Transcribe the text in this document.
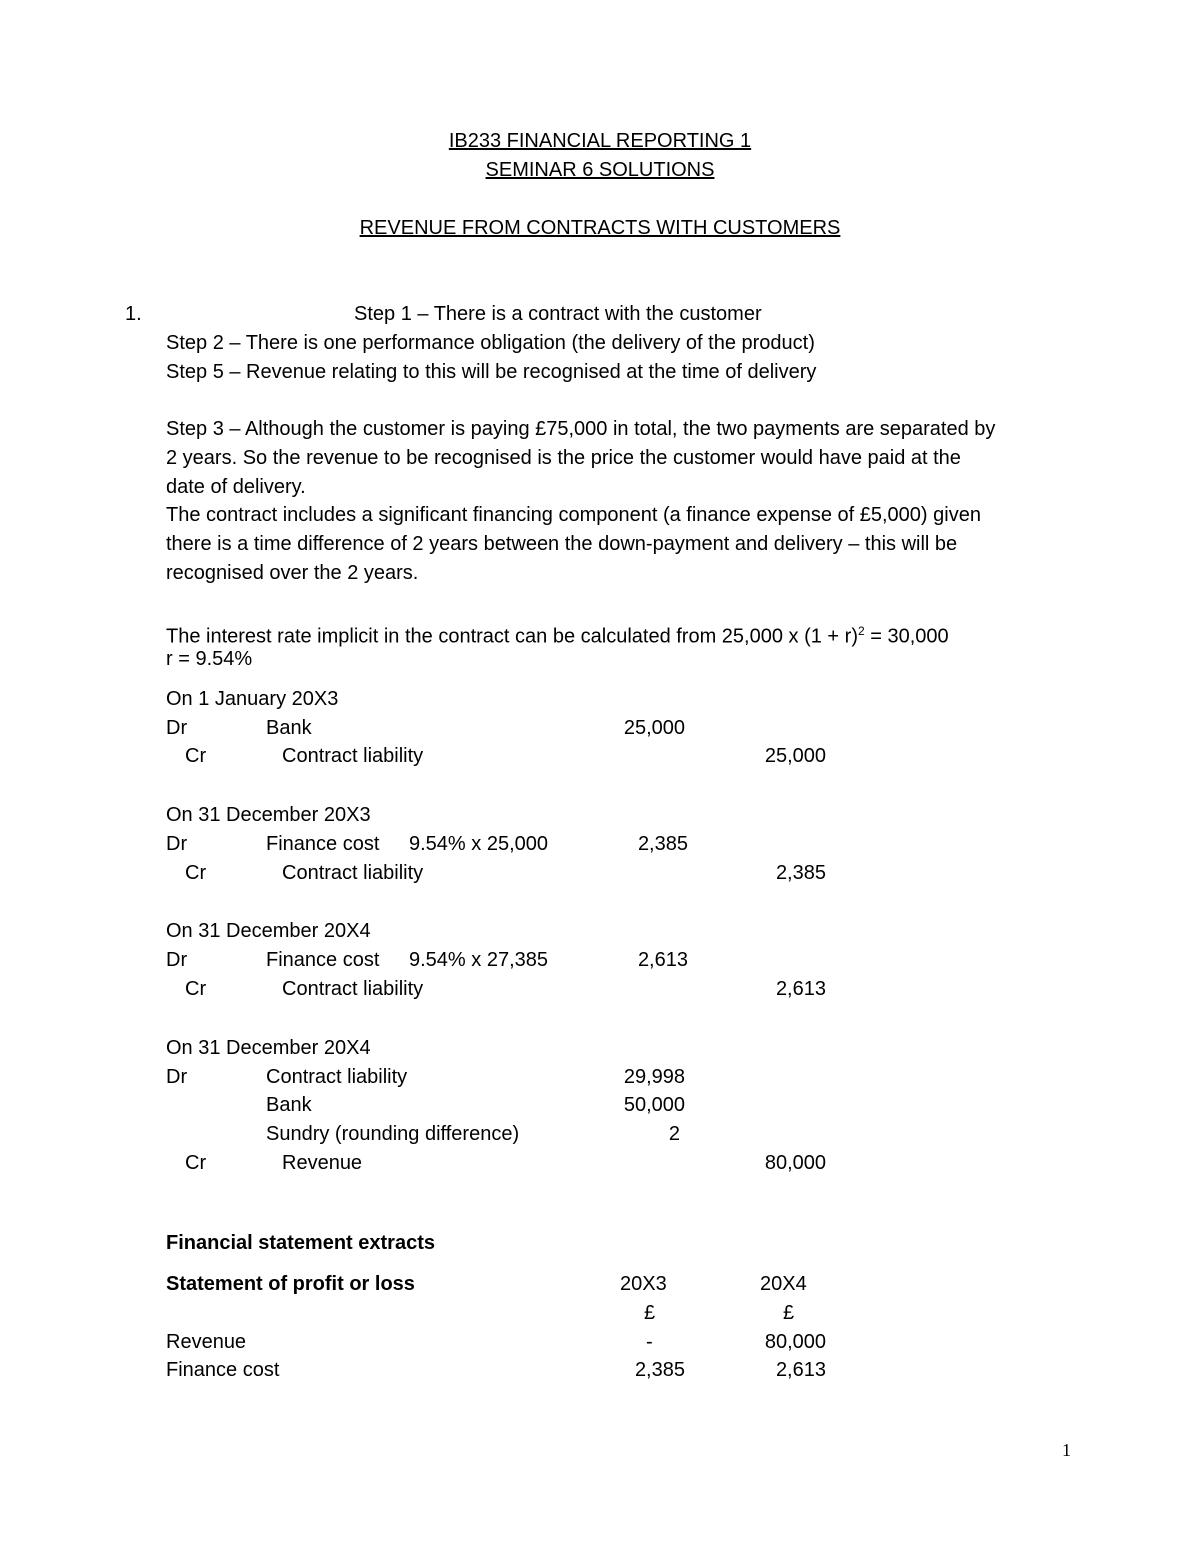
IB233 FINANCIAL REPORTING 1
SEMINAR 6 SOLUTIONS
REVENUE FROM CONTRACTS WITH CUSTOMERS
1.	Step 1 – There is a contract with the customer
Step 2 – There is one performance obligation (the delivery of the product)
Step 5 – Revenue relating to this will be recognised at the time of delivery
Step 3 – Although the customer is paying £75,000 in total, the two payments are separated by
2 years. So the revenue to be recognised is the price the customer would have paid at the
date of delivery.
The contract includes a significant financing component (a finance expense of £5,000) given
there is a time difference of 2 years between the down-payment and delivery – this will be
recognised over the 2 years.
The interest rate implicit in the contract can be calculated from 25,000 x $(1 + r)^2 = 30,000$
r = 9.54%
On 1 January 20X3
Dr	Bank	25,000
Cr	Contract liability	25,000
On 31 December 20X3
Dr	Finance cost 9.54% x 25,000	2,385
Cr	Contract liability	2,385
On 31 December 20X4
Dr	Finance cost 9.54% x 27,385	2,613
Cr	Contract liability	2,613
On 31 December 20X4
Dr	Contract liability	29,998
Bank	50,000
Sundry (rounding difference)	2
Cr	Revenue	80,000
Financial statement extracts
Statement of profit or loss	20X3	20X4
£	£
Revenue	-	80,000
Finance cost	2,385	2,613
1
